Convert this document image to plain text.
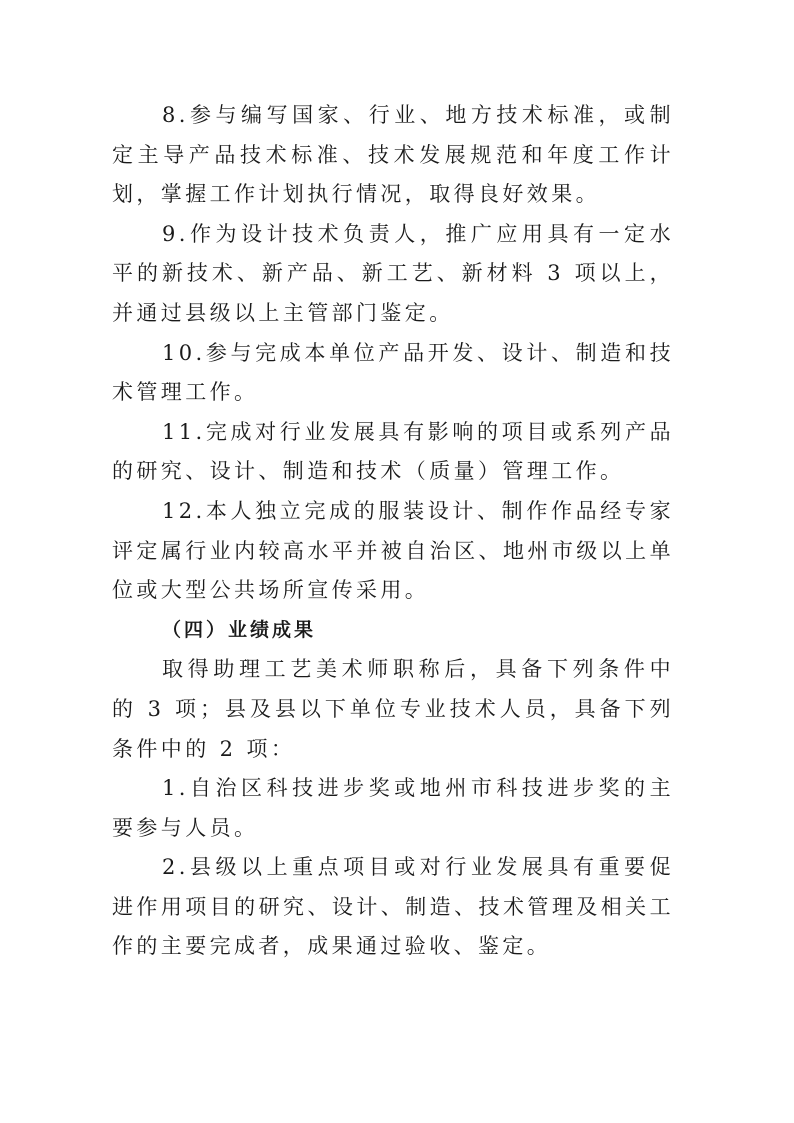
8.参与编写国家、行业、地方技术标准，或制定主导产品技术标准、技术发展规范和年度工作计划，掌握工作计划执行情况，取得良好效果。

9.作为设计技术负责人，推广应用具有一定水平的新技术、新产品、新工艺、新材料 3 项以上，并通过县级以上主管部门鉴定。

10.参与完成本单位产品开发、设计、制造和技术管理工作。

11.完成对行业发展具有影响的项目或系列产品的研究、设计、制造和技术（质量）管理工作。

12.本人独立完成的服装设计、制作作品经专家评定属行业内较高水平并被自治区、地州市级以上单位或大型公共场所宣传采用。

（四）业绩成果

取得助理工艺美术师职称后，具备下列条件中的 3 项；县及县以下单位专业技术人员，具备下列条件中的 2 项：

1.自治区科技进步奖或地州市科技进步奖的主要参与人员。

2.县级以上重点项目或对行业发展具有重要促进作用项目的研究、设计、制造、技术管理及相关工作的主要完成者，成果通过验收、鉴定。
